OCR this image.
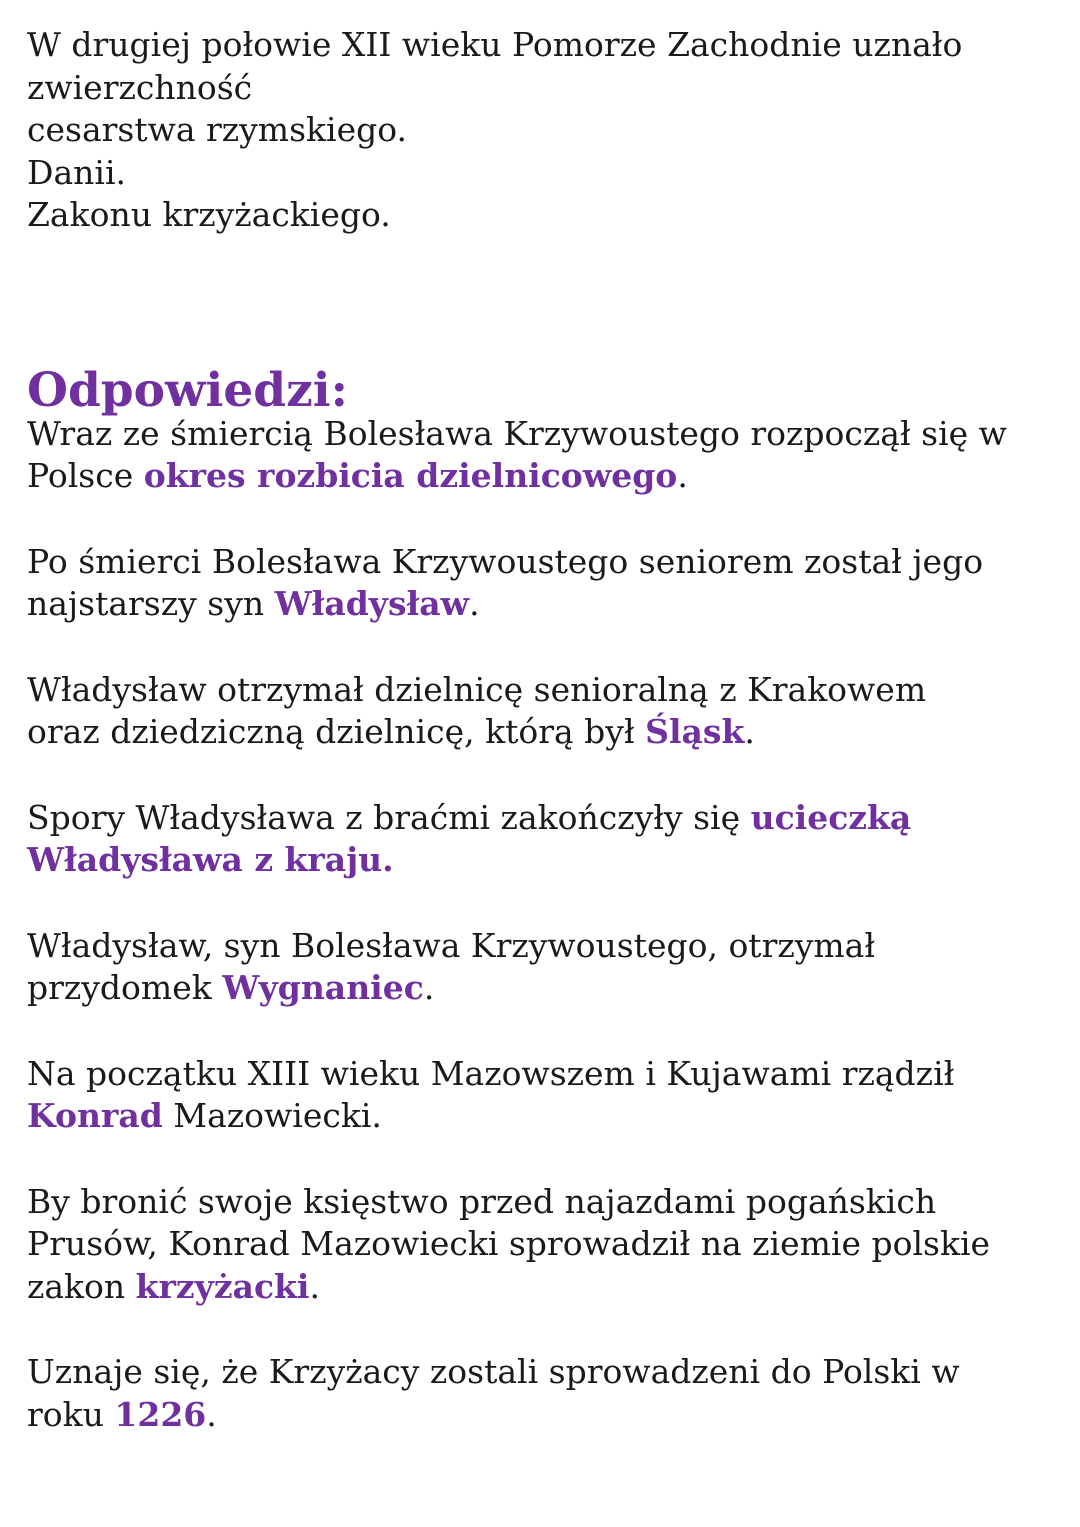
W drugiej połowie XII wieku Pomorze Zachodnie uznało
zwierzchność
cesarstwa rzymskiego.
Danii.
Zakonu krzyżackiego.
Odpowiedzi:
Wraz ze śmiercią Bolesława Krzywoustego rozpoczął się w
Polsce okres rozbicia dzielnicowego.
Po śmierci Bolesława Krzywoustego seniorem został jego
najstarszy syn Władysław.
Władysław otrzymał dzielnicę senioralną z Krakowem
oraz dziedziczną dzielnicę, którą był Śląsk.
Spory Władysława z braćmi zakończyły się ucieczką
Władysława z kraju.
Władysław, syn Bolesława Krzywoustego, otrzymał
przydomek Wygnaniec.
Na początku XIII wieku Mazowszem i Kujawami rządził
Konrad Mazowiecki.
By bronić swoje księstwo przed najazdami pogańskich
Prusów, Konrad Mazowiecki sprowadził na ziemie polskie
zakon krzyżacki.
Uznaje się, że Krzyżacy zostali sprowadzeni do Polski w
roku 1226.
